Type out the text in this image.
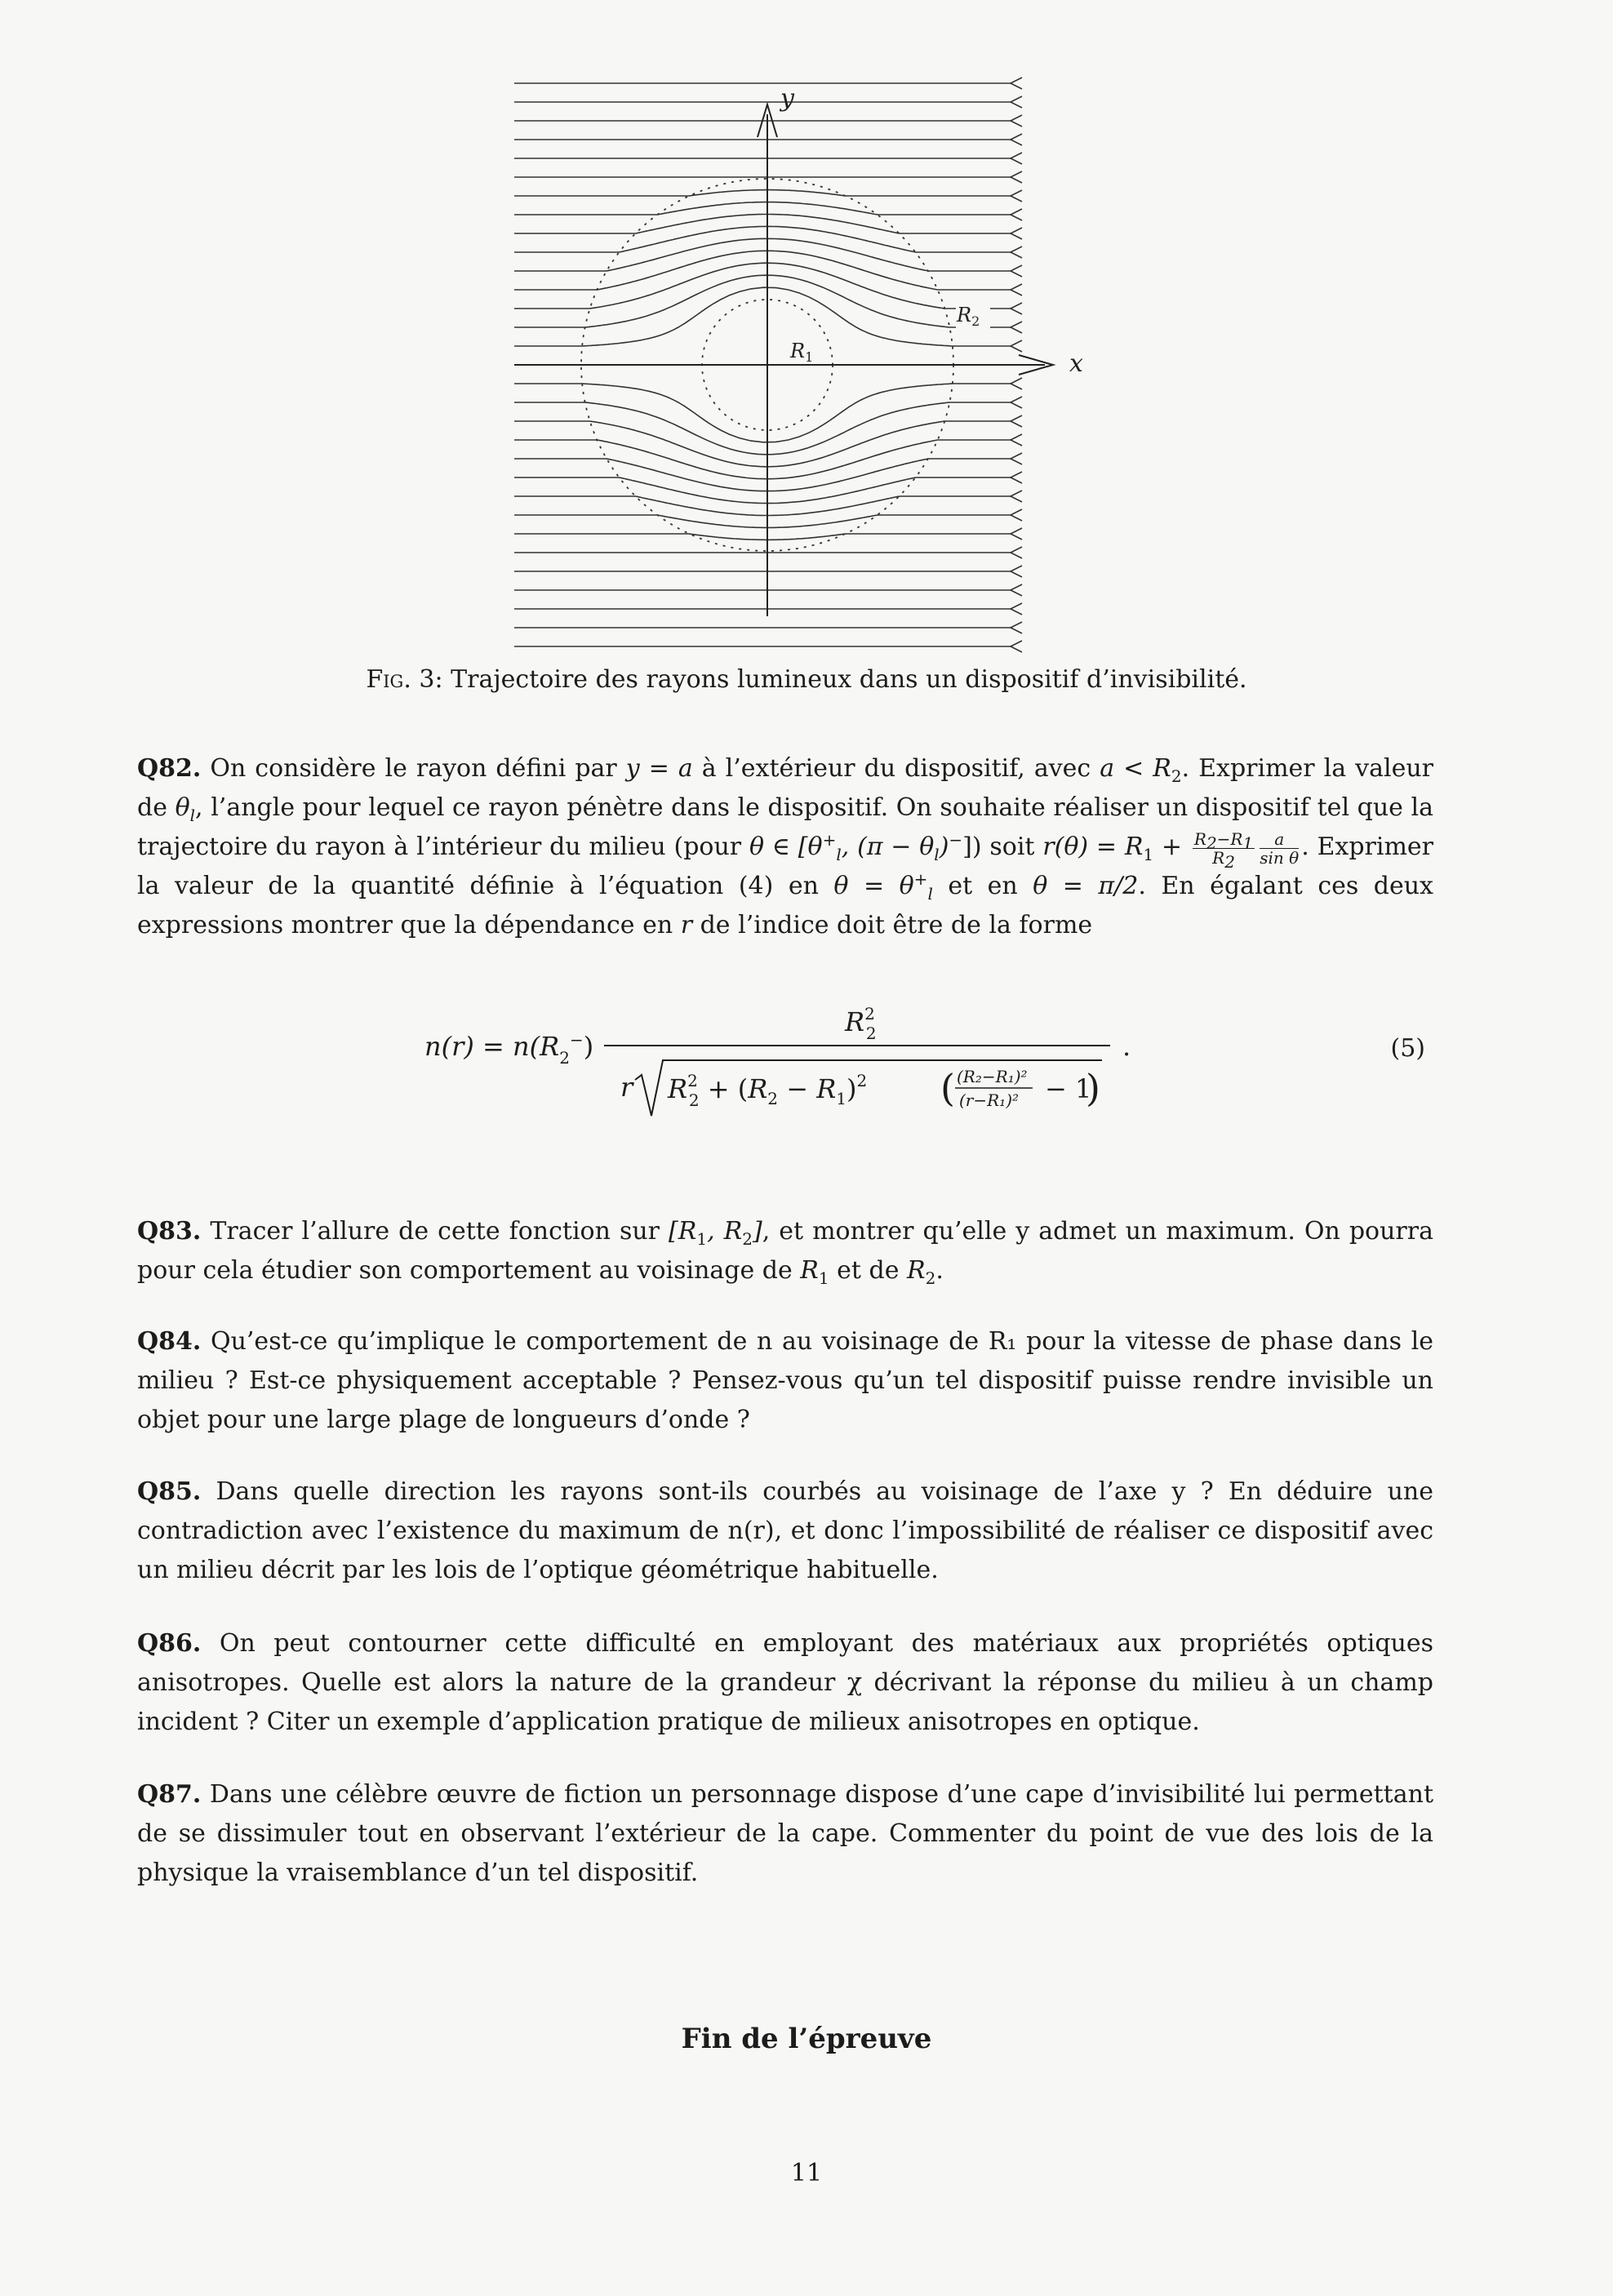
y
x
$R_1$
$R_2$
Fig. 3: Trajectoire des rayons lumineux dans un dispositif d’invisibilité.
Q82. On considère le rayon défini par y = a à l’extérieur du dispositif, avec $a < R_2$. Exprimer la valeur de $\theta_l$, l’angle pour lequel ce rayon pénètre dans le dispositif. On souhaite réaliser un dispositif tel que la trajectoire du rayon à l’intérieur du milieu (pour θ ∈ [$\theta^+_l$, $(\pi - \theta_l)^-$]) soit $r(\theta) = R_1 + \frac{R_2-R_1}{R_2} \frac{a}{\text{sin θ}}$ . Exprimer la valeur de la quantité définie à l’équation (4) en $\theta = \theta^+_l$ et en θ = π/2. En égalant ces deux expressions montrer que la dépendance en r de l’indice doit être de la forme
$n(r) = n(R_2^-)$
$R^2$ 2
r $R^2$ $2 + (R_2 - R_1)^2$ ( (R₂−R₁)²
(r−R₁)² − 1
)
.	(5)
Q83. Tracer l’allure de cette fonction sur [$R_1$, $R_2$], et montrer qu’elle y admet un maximum. On pourra pour cela étudier son comportement au voisinage de $R_1$ et de $R_2$.
Q84. Qu’est-ce qu’implique le comportement de n au voisinage de R₁ pour la vitesse de phase dans le milieu ? Est-ce physiquement acceptable ? Pensez-vous qu’un tel dispositif puisse rendre invisible un objet pour une large plage de longueurs d’onde ?
Q85. Dans quelle direction les rayons sont-ils courbés au voisinage de l’axe y ? En déduire une contradiction avec l’existence du maximum de n(r), et donc l’impossibilité de réaliser ce dispositif avec un milieu décrit par les lois de l’optique géométrique habituelle.
Q86. On peut contourner cette difficulté en employant des matériaux aux propriétés optiques anisotropes. Quelle est alors la nature de la grandeur χ décrivant la réponse du milieu à un champ incident ? Citer un exemple d’application pratique de milieux anisotropes en optique.
Q87. Dans une célèbre œuvre de fiction un personnage dispose d’une cape d’invisibilité lui permettant de se dissimuler tout en observant l’extérieur de la cape. Commenter du point de vue des lois de la physique la vraisemblance d’un tel dispositif.
Fin de l’épreuve
11
